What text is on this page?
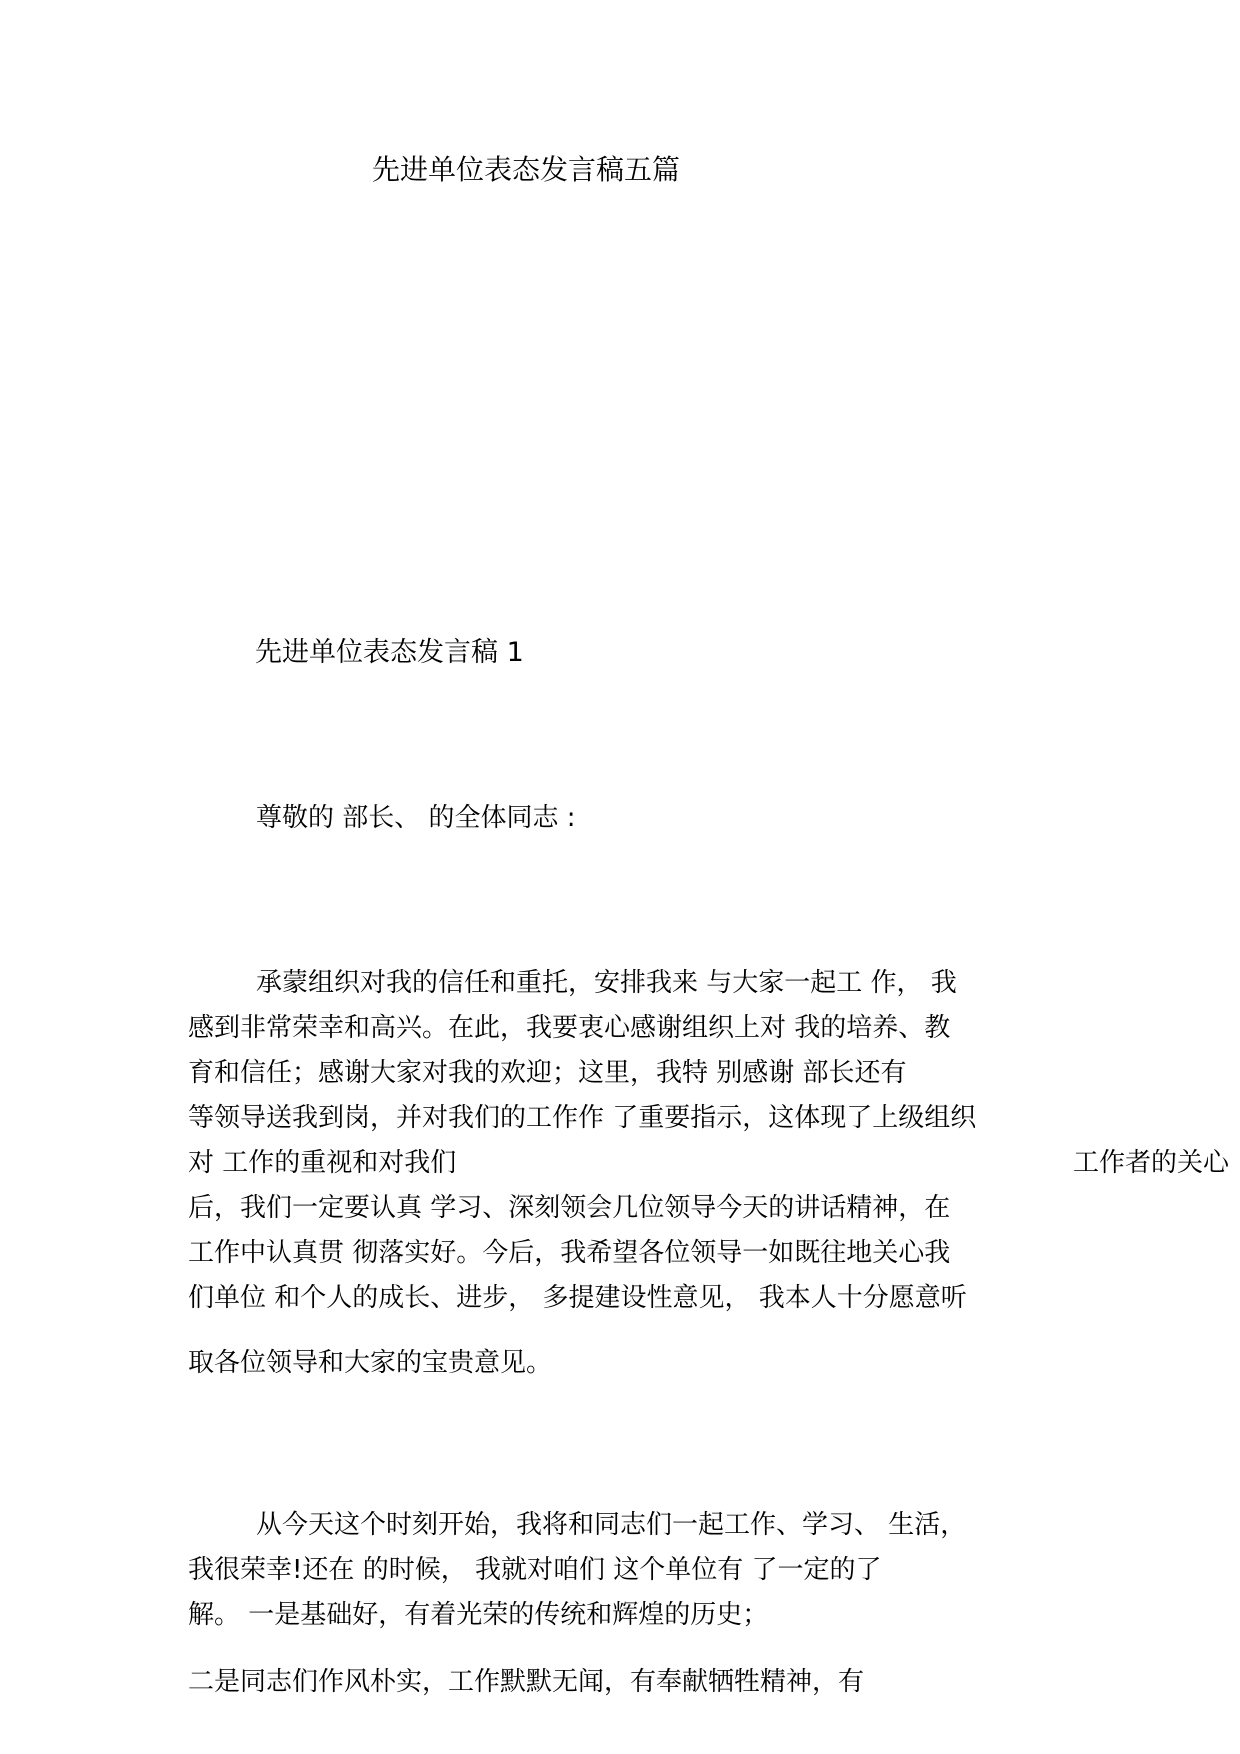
先进单位表态发言稿五篇
先进单位表态发言稿 1
尊敬的 部长、 的全体同志 :
承蒙组织对我的信任和重托，安排我来 与大家一起工 作， 我
感到非常荣幸和高兴。在此，我要衷心感谢组织上对 我的培养、教
育和信任；感谢大家对我的欢迎；这里，我特 别感谢 部长还有
等领导送我到岗，并对我们的工作作 了重要指示，这体现了上级组织
对 工作的重视和对我们	工作者的关心
后，我们一定要认真 学习、深刻领会几位领导今天的讲话精神，在
工作中认真贯 彻落实好。今后，我希望各位领导一如既往地关心我
们单位 和个人的成长、进步， 多提建设性意见， 我本人十分愿意听
取各位领导和大家的宝贵意见。
从今天这个时刻开始，我将和同志们一起工作、学习、 生活，
我很荣幸!还在 的时候， 我就对咱们 这个单位有 了一定的了
解。 一是基础好，有着光荣的传统和辉煌的历史；
二是同志们作风朴实，工作默默无闻，有奉献牺牲精神，有
